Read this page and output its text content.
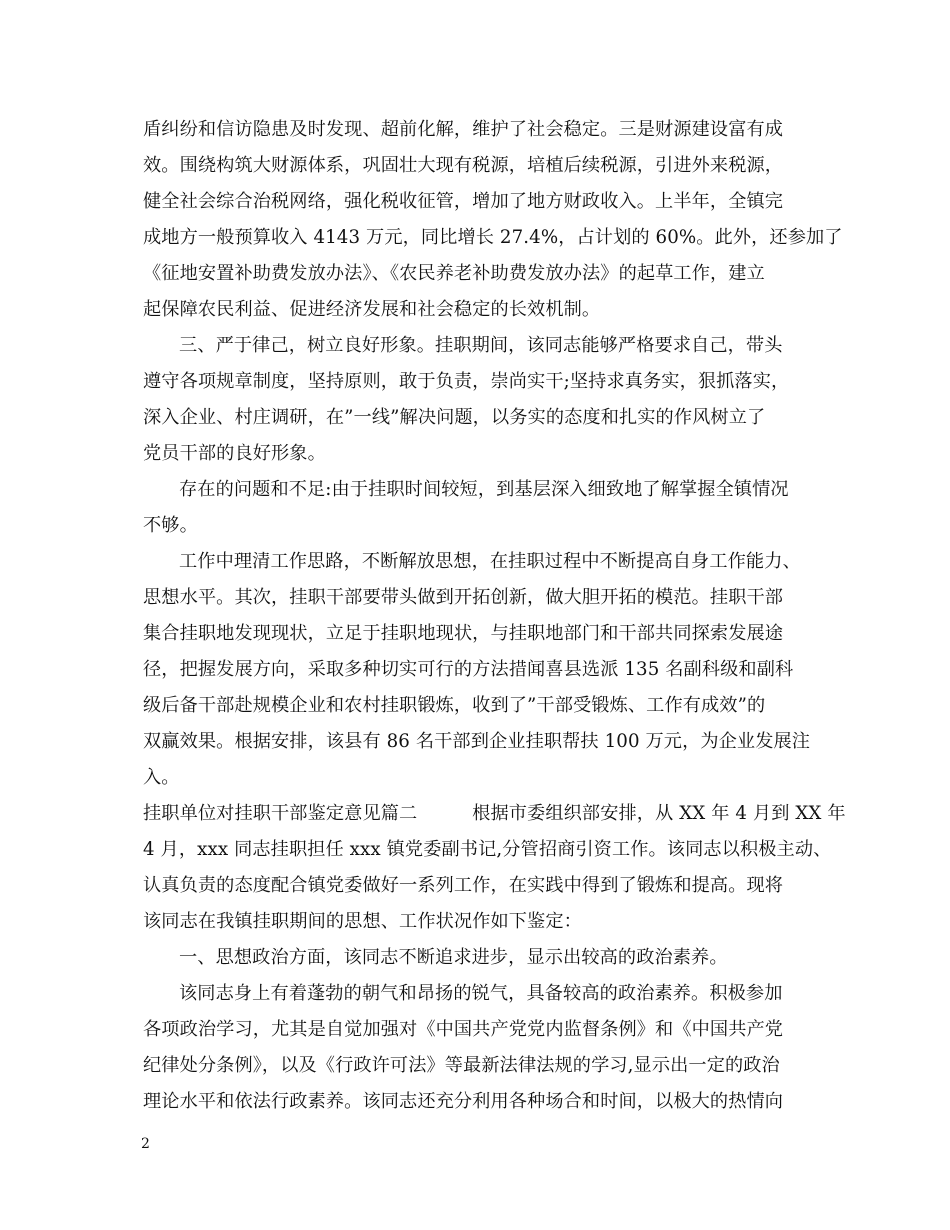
盾纠纷和信访隐患及时发现、超前化解，维护了社会稳定。三是财源建设富有成
效。围绕构筑大财源体系，巩固壮大现有税源，培植后续税源，引进外来税源，
健全社会综合治税网络，强化税收征管，增加了地方财政收入。上半年，全镇完
成地方一般预算收入 4143 万元，同比增长 27.4%，占计划的 60%。此外，还参加了
《征地安置补助费发放办法》、《农民养老补助费发放办法》的起草工作，建立
起保障农民利益、促进经济发展和社会稳定的长效机制。
三、严于律己，树立良好形象。挂职期间，该同志能够严格要求自己，带头
遵守各项规章制度，坚持原则，敢于负责，崇尚实干;坚持求真务实，狠抓落实，
深入企业、村庄调研，在”一线”解决问题，以务实的态度和扎实的作风树立了
党员干部的良好形象。
存在的问题和不足:由于挂职时间较短，到基层深入细致地了解掌握全镇情况
不够。
工作中理清工作思路，不断解放思想，在挂职过程中不断提高自身工作能力、
思想水平。其次，挂职干部要带头做到开拓创新，做大胆开拓的模范。挂职干部
集合挂职地发现现状，立足于挂职地现状，与挂职地部门和干部共同探索发展途
径，把握发展方向，采取多种切实可行的方法措闻喜县选派 135 名副科级和副科
级后备干部赴规模企业和农村挂职锻炼，收到了”干部受锻炼、工作有成效”的
双赢效果。根据安排，该县有 86 名干部到企业挂职帮扶 100 万元，为企业发展注
入。
挂职单位对挂职干部鉴定意见篇二　　　根据市委组织部安排，从 XX 年 4 月到 XX 年
4 月，xxx 同志挂职担任 xxx 镇党委副书记,分管招商引资工作。该同志以积极主动、
认真负责的态度配合镇党委做好一系列工作，在实践中得到了锻炼和提高。现将
该同志在我镇挂职期间的思想、工作状况作如下鉴定：
一、思想政治方面，该同志不断追求进步，显示出较高的政治素养。
该同志身上有着蓬勃的朝气和昂扬的锐气，具备较高的政治素养。积极参加
各项政治学习，尤其是自觉加强对《中国共产党党内监督条例》和《中国共产党
纪律处分条例》，以及《行政许可法》等最新法律法规的学习,显示出一定的政治
理论水平和依法行政素养。该同志还充分利用各种场合和时间，以极大的热情向
2
